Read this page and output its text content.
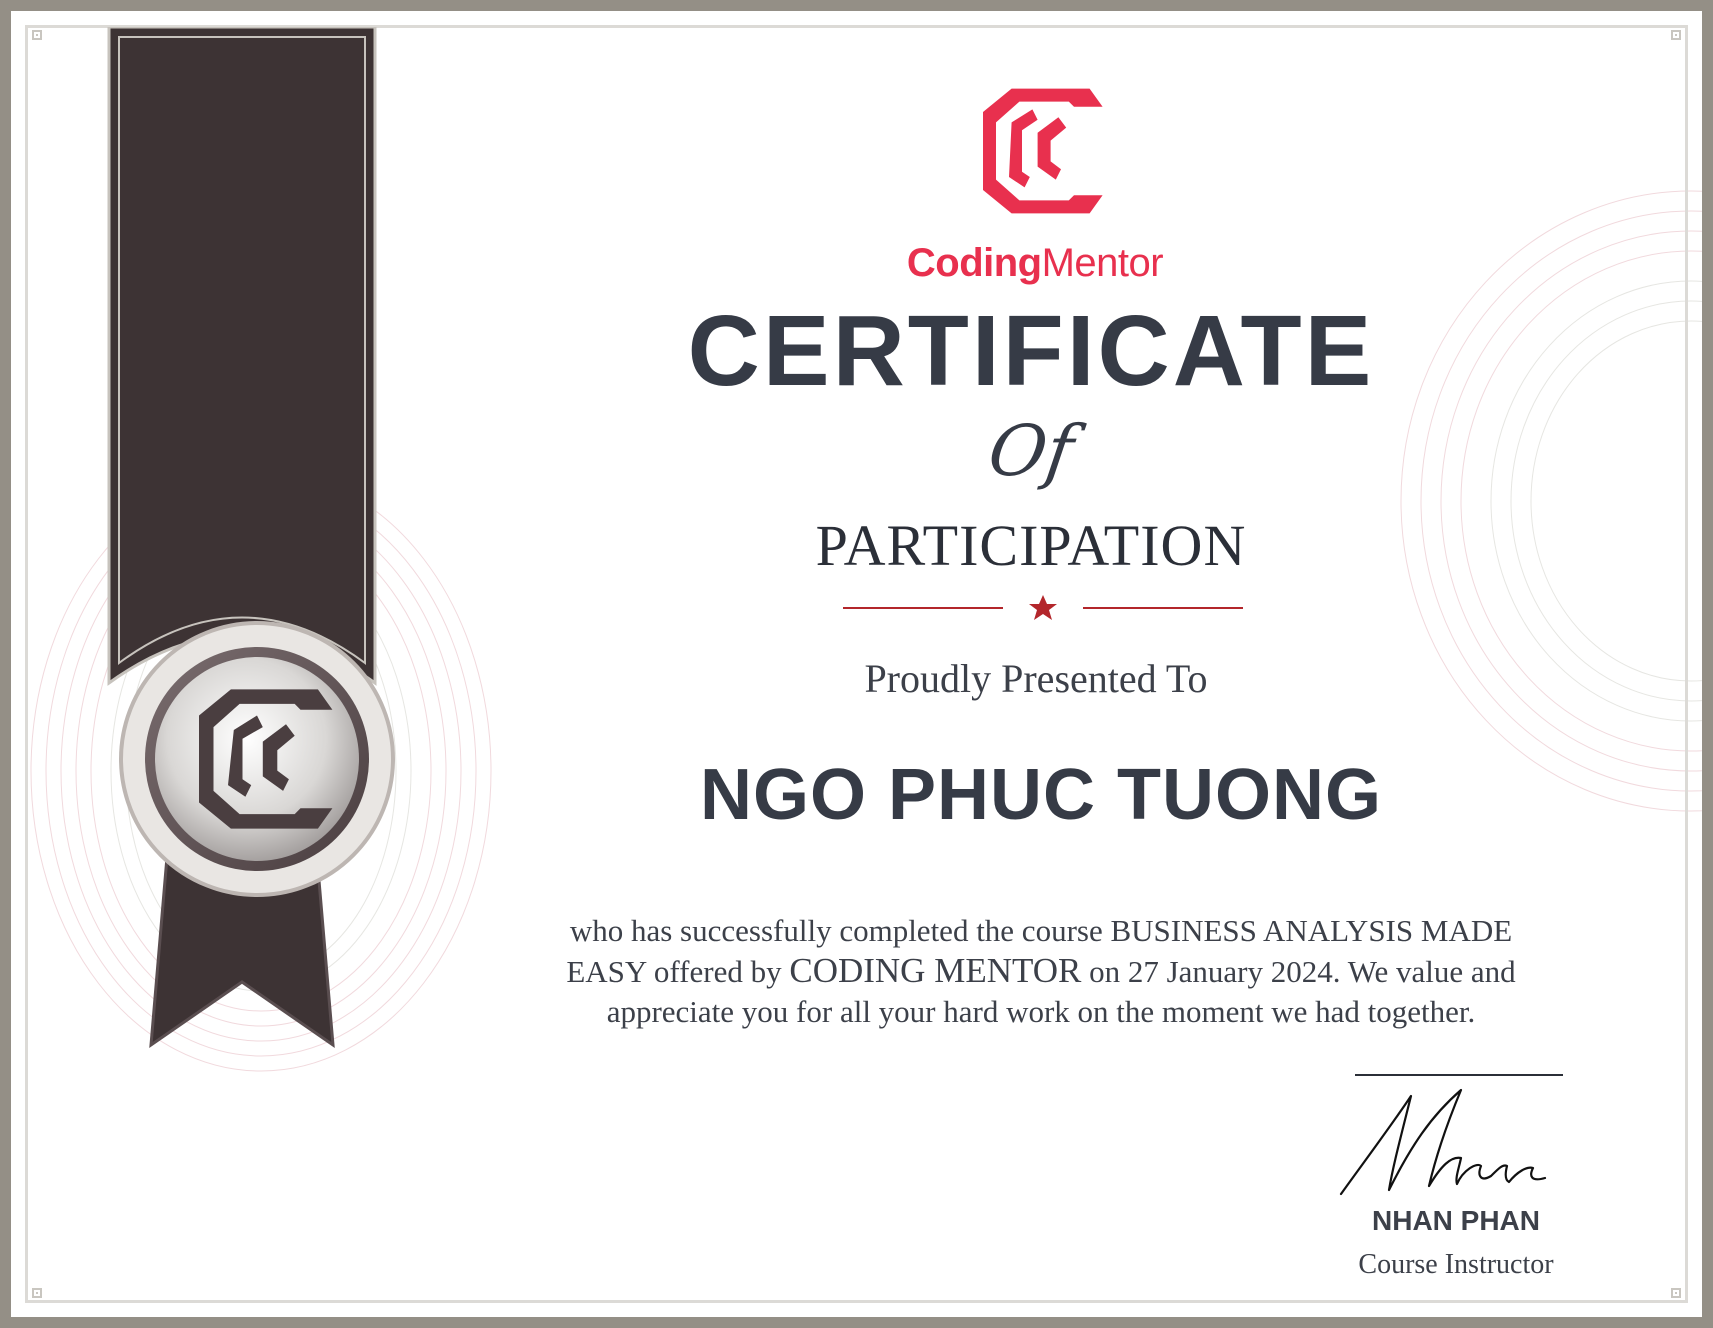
CodingMentor
CERTIFICATE
Of
PARTICIPATION
Proudly Presented To
NGO PHUC TUONG
who has successfully completed the course BUSINESS ANALYSIS MADE EASY offered by CODING MENTOR on 27 January 2024. We value and appreciate you for all your hard work on the moment we had together.
NHAN PHAN
Course Instructor
